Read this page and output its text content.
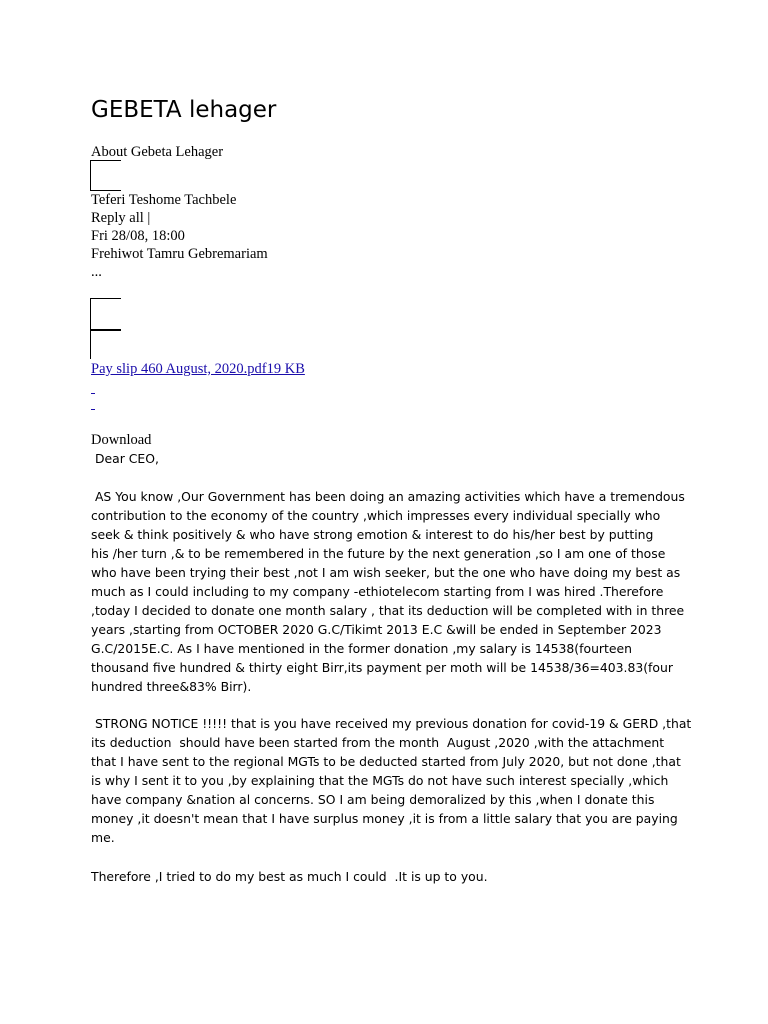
GEBETA lehager
About Gebeta Lehager
Teferi Teshome Tachbele
Reply all |
Fri 28/08, 18:00
Frehiwot Tamru Gebremariam
...
Pay slip 460 August, 2020.pdf19 KB
Download
Dear CEO,
AS You know ,Our Government has been doing an amazing activities which have a tremendous
contribution to the economy of the country ,which impresses every individual specially who
seek & think positively & who have strong emotion & interest to do his/her best by putting
his /her turn ,& to be remembered in the future by the next generation ,so I am one of those
who have been trying their best ,not I am wish seeker, but the one who have doing my best as
much as I could including to my company -ethiotelecom starting from I was hired .Therefore
,today I decided to donate one month salary , that its deduction will be completed with in three
years ,starting from OCTOBER 2020 G.C/Tikimt 2013 E.C &will be ended in September 2023
G.C/2015E.C. As I have mentioned in the former donation ,my salary is 14538(fourteen
thousand five hundred & thirty eight Birr,its payment per moth will be 14538/36=403.83(four
hundred three&83% Birr).
STRONG NOTICE !!!!! that is you have received my previous donation for covid-19 & GERD ,that
its deduction  should have been started from the month  August ,2020 ,with the attachment
that I have sent to the regional MGTs to be deducted started from July 2020, but not done ,that
is why I sent it to you ,by explaining that the MGTs do not have such interest specially ,which
have company &nation al concerns. SO I am being demoralized by this ,when I donate this
money ,it doesn't mean that I have surplus money ,it is from a little salary that you are paying
me.
Therefore ,I tried to do my best as much I could  .It is up to you.
